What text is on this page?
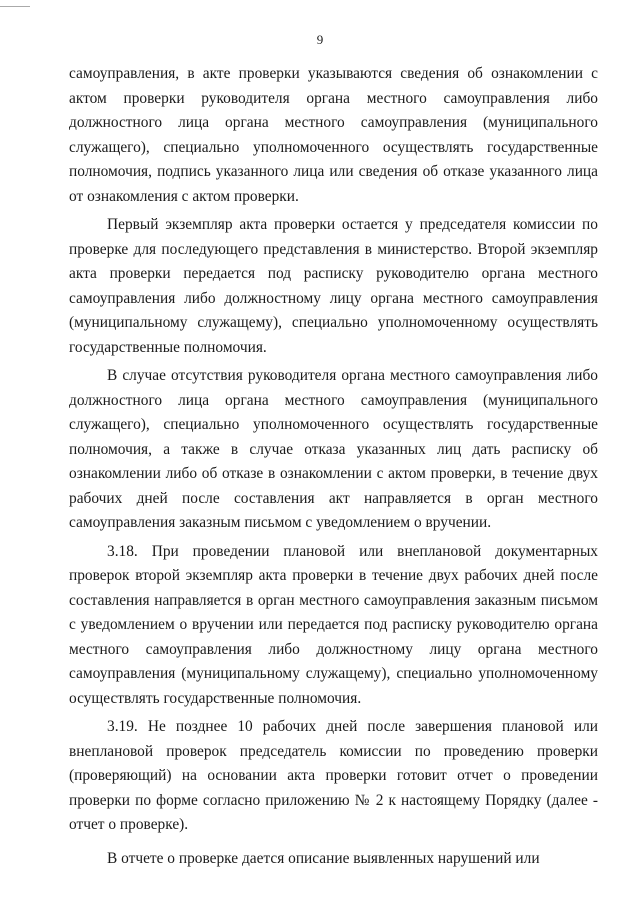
9

самоуправления, в акте проверки указываются сведения об ознакомлении с актом проверки руководителя органа местного самоуправления либо должностного лица органа местного самоуправления (муниципального служащего), специально уполномоченного осуществлять государственные полномочия, подпись указанного лица или сведения об отказе указанного лица от ознакомления с актом проверки.

Первый экземпляр акта проверки остается у председателя комиссии по проверке для последующего представления в министерство. Второй экземпляр акта проверки передается под расписку руководителю органа местного самоуправления либо должностному лицу органа местного самоуправления (муниципальному служащему), специально уполномоченному осуществлять государственные полномочия.

В случае отсутствия руководителя органа местного самоуправления либо должностного лица органа местного самоуправления (муниципального служащего), специально уполномоченного осуществлять государственные полномочия, а также в случае отказа указанных лиц дать расписку об ознакомлении либо об отказе в ознакомлении с актом проверки, в течение двух рабочих дней после составления акт направляется в орган местного самоуправления заказным письмом с уведомлением о вручении.

3.18. При проведении плановой или внеплановой документарных проверок второй экземпляр акта проверки в течение двух рабочих дней после составления направляется в орган местного самоуправления заказным письмом с уведомлением о вручении или передается под расписку руководителю органа местного самоуправления либо должностному лицу органа местного самоуправления (муниципальному служащему), специально уполномоченному осуществлять государственные полномочия.

3.19. Не позднее 10 рабочих дней после завершения плановой или внеплановой проверок председатель комиссии по проведению проверки (проверяющий) на основании акта проверки готовит отчет о проведении проверки по форме согласно приложению № 2 к настоящему Порядку (далее - отчет о проверке).

В отчете о проверке дается описание выявленных нарушений или
